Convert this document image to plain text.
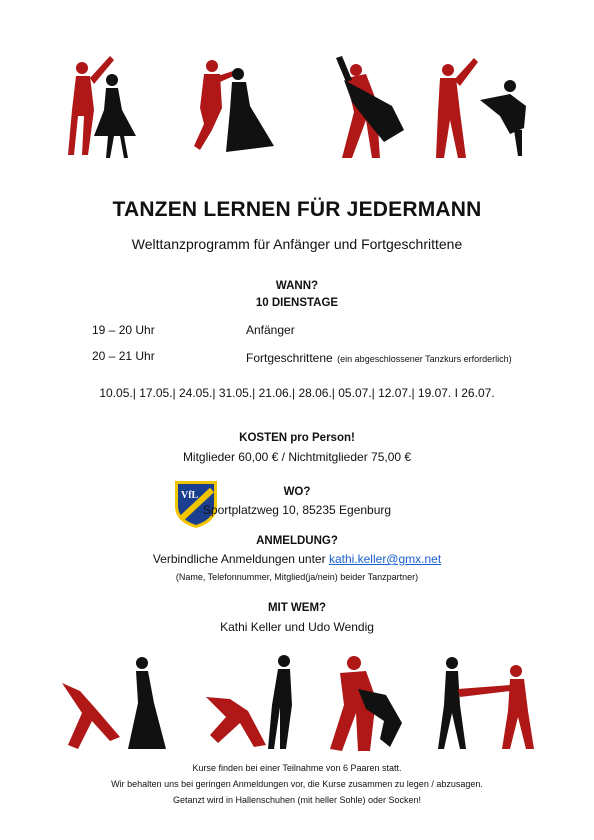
TANZEN LERNEN FÜR JEDERMANN
Welttanzprogramm für Anfänger und Fortgeschrittene
WANN?
10 DIENSTAGE
19 – 20 Uhr	Anfänger
20 – 21 Uhr	Fortgeschrittene (ein abgeschlossener Tanzkurs erforderlich)
10.05.| 17.05.| 24.05.| 31.05.| 21.06.| 28.06.| 05.07.| 12.07.| 19.07. I 26.07.
KOSTEN pro Person!
Mitglieder 60,00 € / Nichtmitglieder 75,00 €
VfL	WO?
Sportplatzweg 10, 85235 Egenburg
ANMELDUNG?
Verbindliche Anmeldungen unter kathi.keller@gmx.net
(Name, Telefonnummer, Mitglied(ja/nein) beider Tanzpartner)
MIT WEM?
Kathi Keller und Udo Wendig
Kurse finden bei einer Teilnahme von 6 Paaren statt.
Wir behalten uns bei geringen Anmeldungen vor, die Kurse zusammen zu legen / abzusagen.
Getanzt wird in Hallenschuhen (mit heller Sohle) oder Socken!
